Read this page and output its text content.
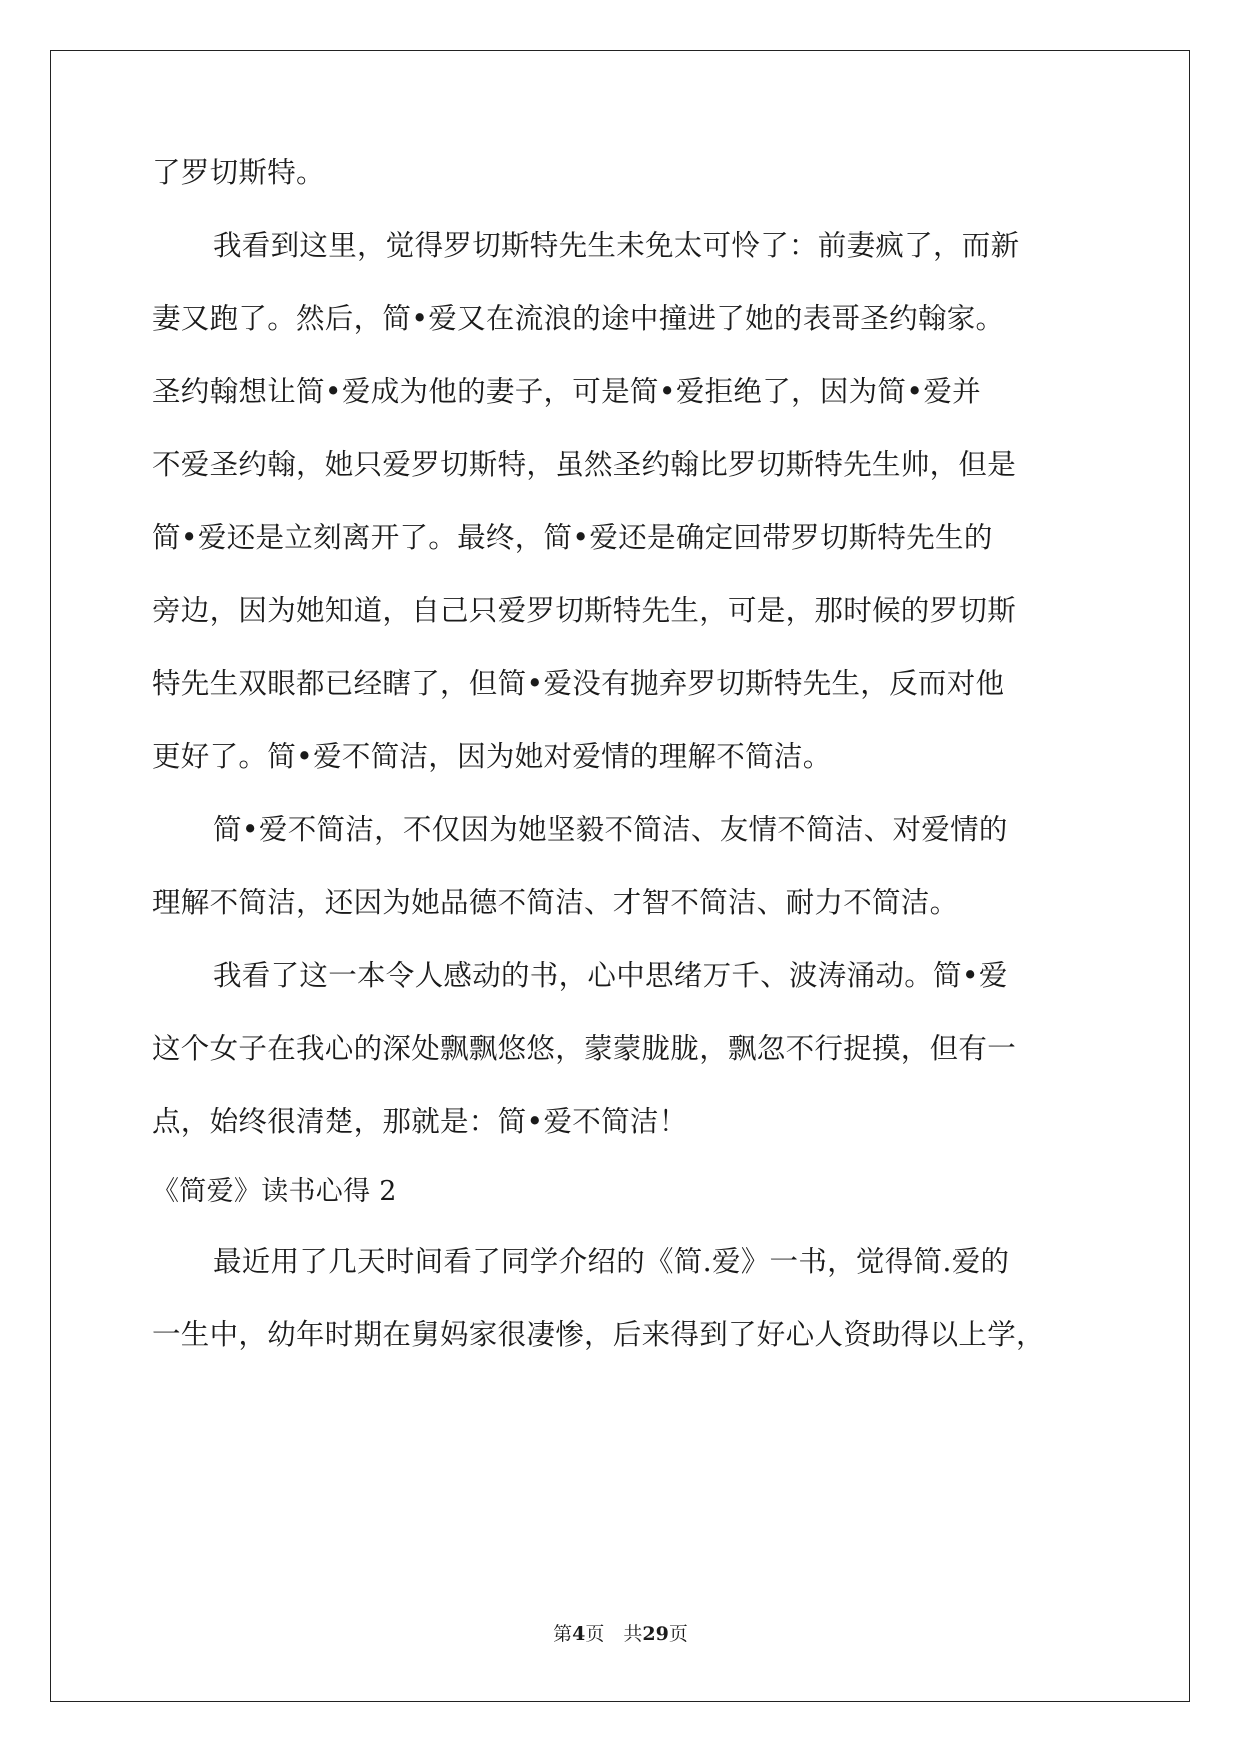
了罗切斯特。
我看到这里，觉得罗切斯特先生未免太可怜了：前妻疯了，而新
妻又跑了。然后，简•爱又在流浪的途中撞进了她的表哥圣约翰家。
圣约翰想让简•爱成为他的妻子，可是简•爱拒绝了，因为简•爱并
不爱圣约翰，她只爱罗切斯特，虽然圣约翰比罗切斯特先生帅，但是
简•爱还是立刻离开了。最终，简•爱还是确定回带罗切斯特先生的
旁边，因为她知道，自己只爱罗切斯特先生，可是，那时候的罗切斯
特先生双眼都已经瞎了，但简•爱没有抛弃罗切斯特先生，反而对他
更好了。简•爱不简洁，因为她对爱情的理解不简洁。
简•爱不简洁，不仅因为她坚毅不简洁、友情不简洁、对爱情的
理解不简洁，还因为她品德不简洁、才智不简洁、耐力不简洁。
我看了这一本令人感动的书，心中思绪万千、波涛涌动。简•爱
这个女子在我心的深处飘飘悠悠，蒙蒙胧胧，飘忽不行捉摸，但有一
点，始终很清楚，那就是：简•爱不简洁！
《简爱》读书心得 2
最近用了几天时间看了同学介绍的《简.爱》一书，觉得简.爱的
一生中，幼年时期在舅妈家很凄惨，后来得到了好心人资助得以上学，
第4页　共29页
